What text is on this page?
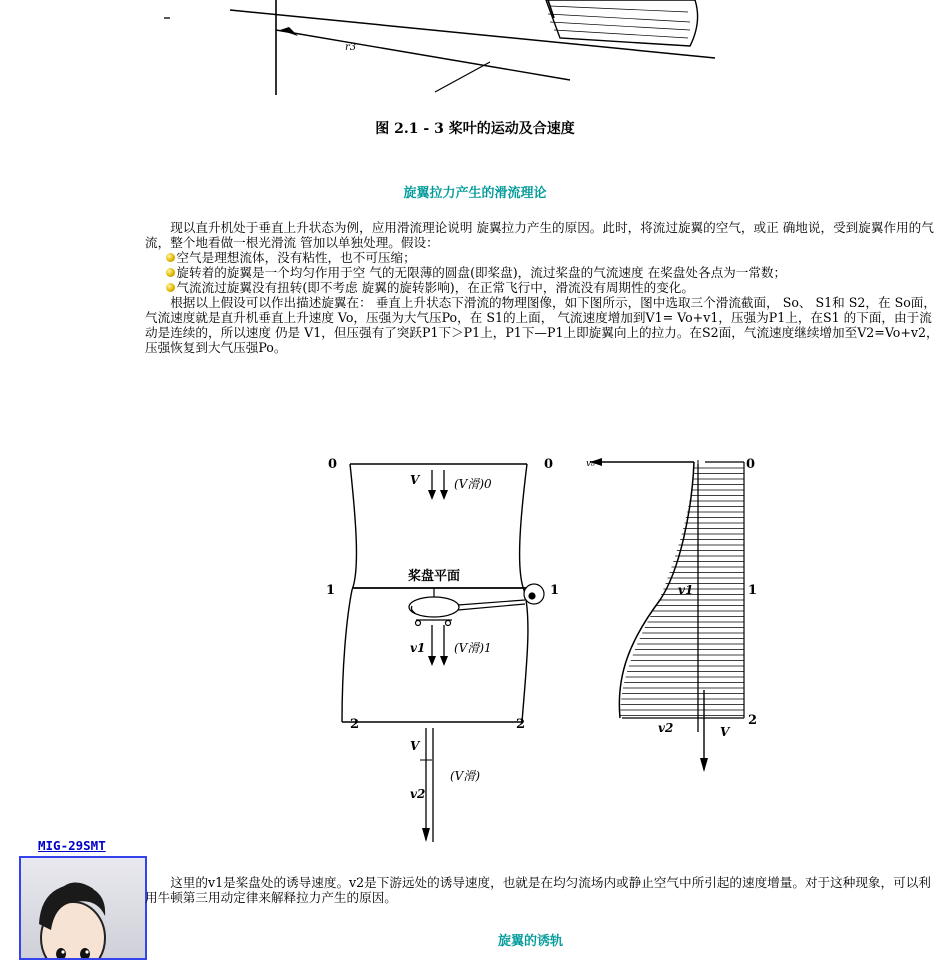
r3
图 2.1 - 3 桨叶的运动及合速度
旋翼拉力产生的滑流理论

现以直升机处于垂直上升状态为例，应用滑流理论说明 旋翼拉力产生的原因。此时，将流过旋翼的空气，或正 确地说，受到旋翼作用的气流，整个地看做一根光滑流 管加以单独处理。假设：

空气是理想流体，没有粘性，也不可压缩；

旋转着的旋翼是一个均匀作用于空 气的无限薄的圆盘(即桨盘)，流过桨盘的气流速度 在桨盘处各点为一常数；

气流流过旋翼没有扭转(即不考虑 旋翼的旋转影响)，在正常飞行中，滑流没有周期性的变化。

根据以上假设可以作出描述旋翼在： 垂直上升状态下滑流的物理图像，如下图所示，图中选取三个滑流截面， So、 S1和 S2，在 So面，气流速度就是直升机垂直上升速度 Vo，压强为大气压Po，在 S1的上面， 气流速度增加到V1= Vo+v1，压强为P1上，在S1 的下面，由于流动是连续的，所以速度 仍是 V1，但压强有了突跃P1下＞P1上，P1下—P1上即旋翼向上的拉力。在S2面，气流速度继续增加至V2=Vo+v2，压强恢复到大气压强Po。

0	0
1	1
2	2
桨盘平面
V	(V滑)0
v1 (V滑)1
V
(V滑)
v2
v₀
v1
v2	V
0
1
2
MIG-29SMT

这里的v1是桨盘处的诱导速度。v2是下游远处的诱导速度，也就是在均匀流场内或静止空气中所引起的速度增量。对于这种现象，可以利用牛顿第三用动定律来解释拉力产生的原因。

旋翼的诱轨
